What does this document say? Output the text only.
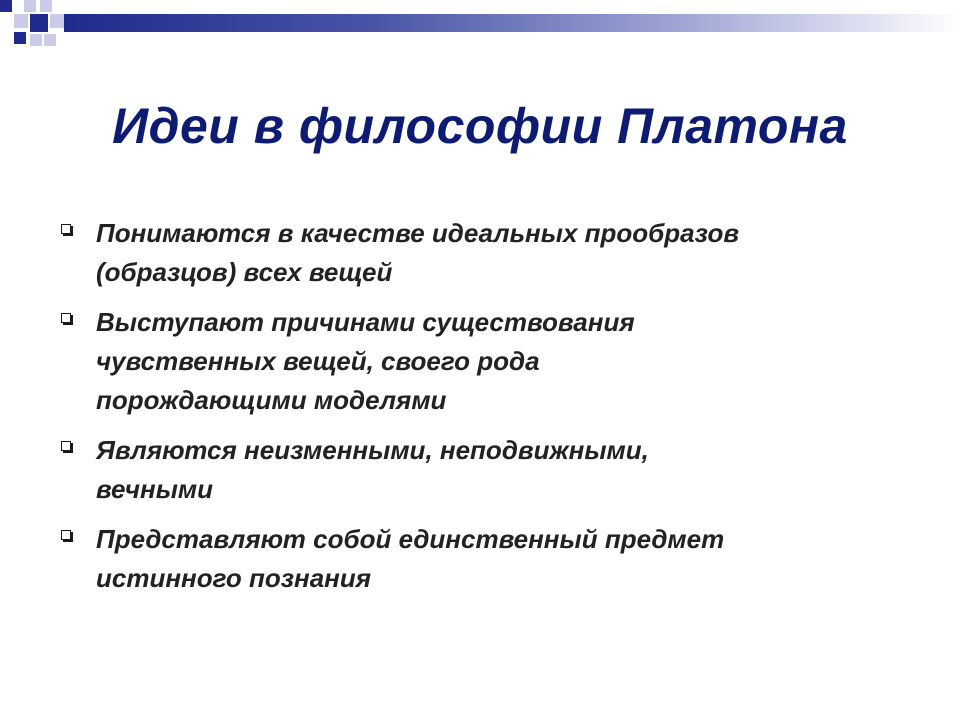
Идеи в философии Платона
Понимаются в качестве идеальных прообразов
(образцов) всех вещей
Выступают причинами существования
чувственных вещей, своего рода
порождающими моделями
Являются неизменными, неподвижными,
вечными
Представляют собой единственный предмет
истинного познания
